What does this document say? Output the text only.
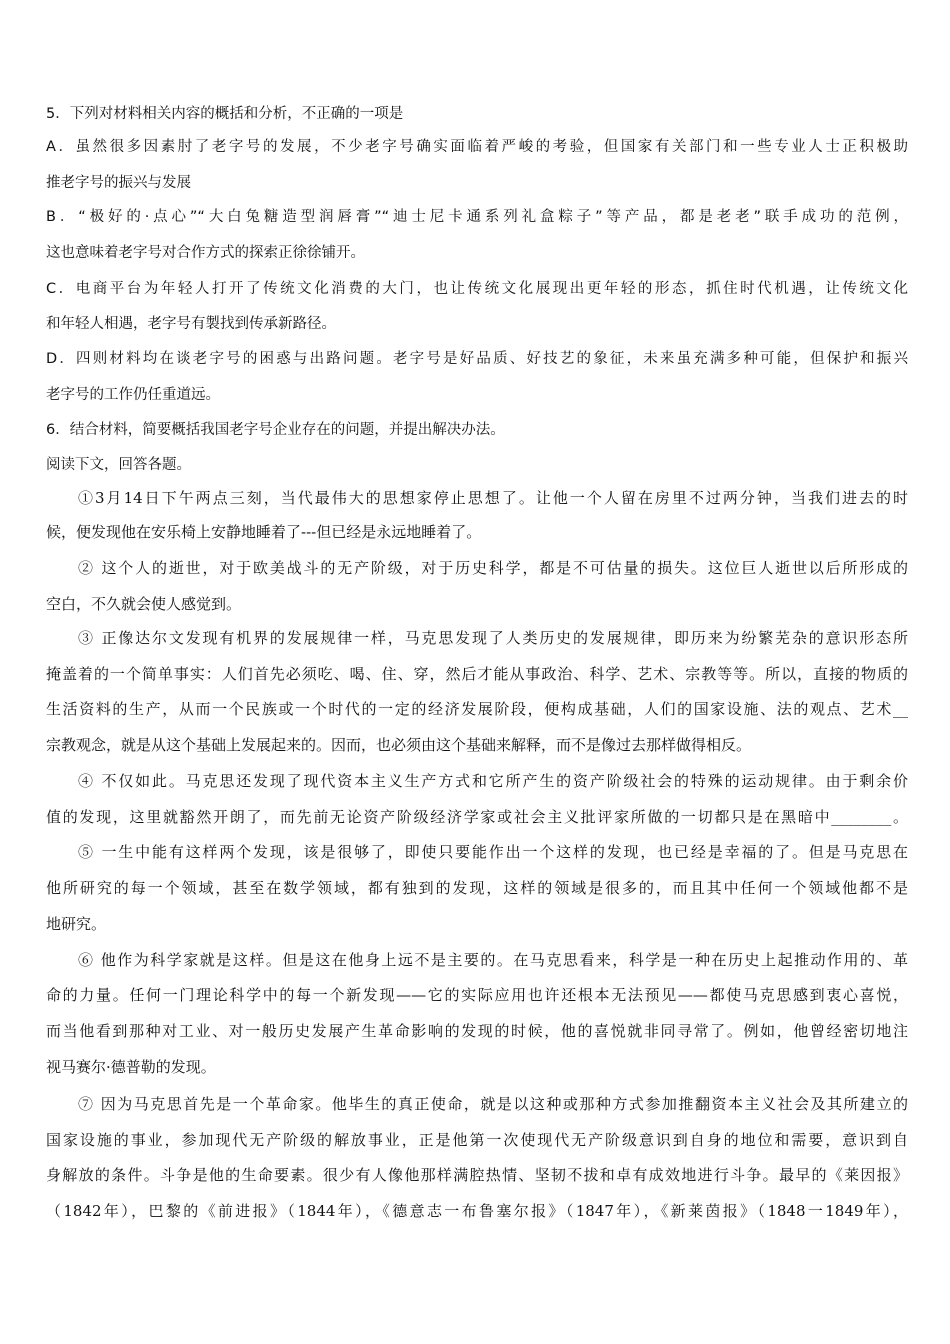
5．下列对材料相关内容的概括和分析，不正确的一项是
A．虽然很多因素肘了老字号的发展，不少老字号确实面临着严峻的考验，但国家有关部门和一些专业人士正积极助
推老字号的振兴与发展
B．“极好的·点心”“大白兔糖造型润唇膏”“迪士尼卡通系列礼盒粽子”等产品，都是老老”联手成功的范例，
这也意味着老字号对合作方式的探索正徐徐铺开。
C．电商平台为年轻人打开了传统文化消费的大门，也让传统文化展现出更年轻的形态，抓住时代机遇，让传统文化
和年轻人相遇，老字号有製找到传承新路径。
D．四则材料均在谈老字号的困惑与出路问题。老字号是好品质、好技艺的象征，未来虽充满多种可能，但保护和振兴
老字号的工作仍任重道远。
6．结合材料，简要概括我国老字号企业存在的问题，并提出解决办法。
阅读下文，回答各题。
①3月14日下午两点三刻，当代最伟大的思想家停止思想了。让他一个人留在房里不过两分钟，当我们进去的时
候，便发现他在安乐椅上安静地睡着了---但已经是永远地睡着了。
② 这个人的逝世，对于欧美战斗的无产阶级，对于历史科学，都是不可估量的损失。这位巨人逝世以后所形成的
空白，不久就会使人感觉到。
③ 正像达尔文发现有机界的发展规律一样，马克思发现了人类历史的发展规律，即历来为纷繁芜杂的意识形态所
掩盖着的一个简单事实：人们首先必须吃、喝、住、穿，然后才能从事政治、科学、艺术、宗教等等。所以，直接的物质的
生活资料的生产，从而一个民族或一个时代的一定的经济发展阶段，便构成基础，人们的国家设施、法的观点、艺术__
宗教观念，就是从这个基础上发展起来的。因而，也必须由这个基础来解释，而不是像过去那样做得相反。
④ 不仅如此。马克思还发现了现代资本主义生产方式和它所产生的资产阶级社会的特殊的运动规律。由于剩余价
值的发现，这里就豁然开朗了，而先前无论资产阶级经济学家或社会主义批评家所做的一切都只是在黑暗中________。
⑤ 一生中能有这样两个发现，该是很够了，即使只要能作出一个这样的发现，也已经是幸福的了。但是马克思在
他所研究的每一个领域，甚至在数学领域，都有独到的发现，这样的领域是很多的，而且其中任何一个领域他都不是
地研究。
⑥ 他作为科学家就是这样。但是这在他身上远不是主要的。在马克思看来，科学是一种在历史上起推动作用的、革
命的力量。任何一门理论科学中的每一个新发现——它的实际应用也许还根本无法预见——都使马克思感到衷心喜悦，
而当他看到那种对工业、对一般历史发展产生革命影响的发现的时候，他的喜悦就非同寻常了。例如，他曾经密切地注
视马赛尔·德普勒的发现。
⑦ 因为马克思首先是一个革命家。他毕生的真正使命，就是以这种或那种方式参加推翻资本主义社会及其所建立的
国家设施的事业，参加现代无产阶级的解放事业，正是他第一次使现代无产阶级意识到自身的地位和需要，意识到自
身解放的条件。斗争是他的生命要素。很少有人像他那样满腔热情、坚韧不拔和卓有成效地进行斗争。最早的《莱因报》
（1842年），巴黎的《前进报》（1844年），《德意志一布鲁塞尔报》（1847年），《新莱茵报》（1848一1849年），
